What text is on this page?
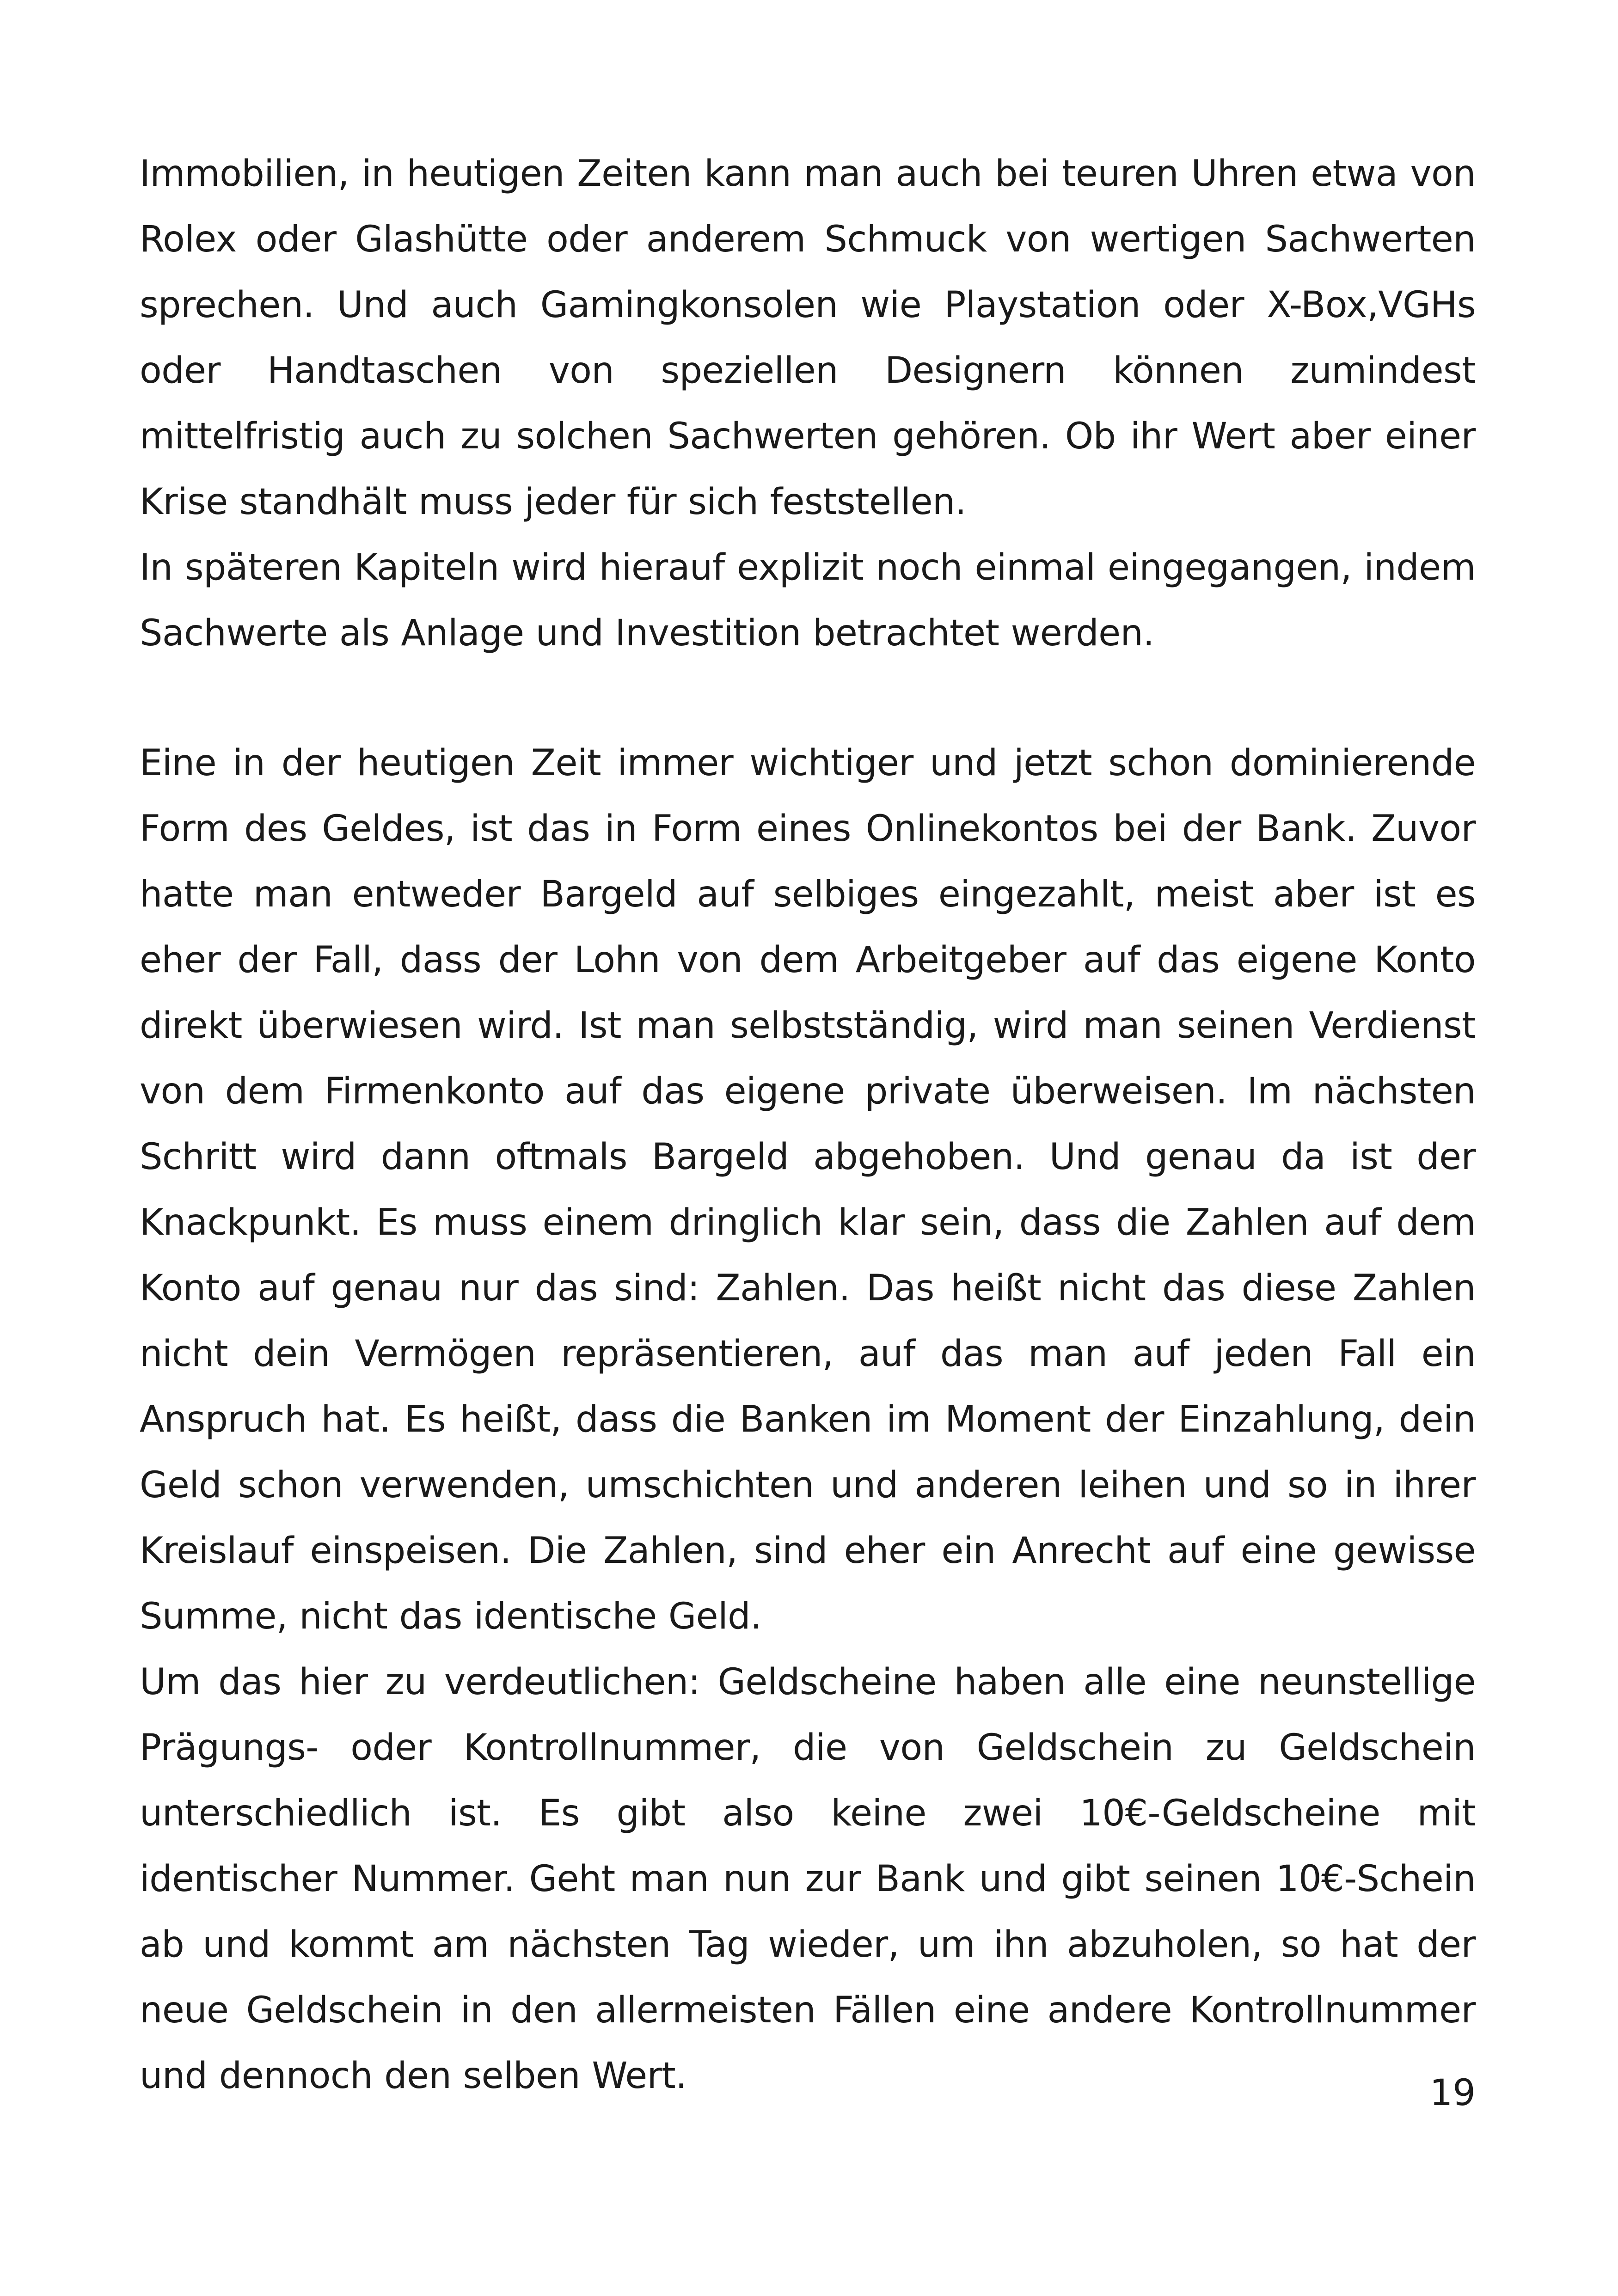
Immobilien, in heutigen Zeiten kann man auch bei teuren Uhren etwa von Rolex oder Glashütte oder anderem Schmuck von wertigen Sachwerten sprechen. Und auch Gamingkonsolen wie Playstation oder X-Box,VGHs oder Handtaschen von speziellen Designern können zumindest mittelfristig auch zu solchen Sachwerten gehören. Ob ihr Wert aber einer Krise standhält muss jeder für sich feststellen.

In späteren Kapiteln wird hierauf explizit noch einmal eingegangen, indem Sachwerte als Anlage und Investition betrachtet werden.

Eine in der heutigen Zeit immer wichtiger und jetzt schon dominierende Form des Geldes, ist das in Form eines Onlinekontos bei der Bank. Zuvor hatte man entweder Bargeld auf selbiges eingezahlt, meist aber ist es eher der Fall, dass der Lohn von dem Arbeitgeber auf das eigene Konto direkt überwiesen wird. Ist man selbstständig, wird man seinen Verdienst von dem Firmenkonto auf das eigene private überweisen. Im nächsten Schritt wird dann oftmals Bargeld abgehoben. Und genau da ist der Knackpunkt. Es muss einem dringlich klar sein, dass die Zahlen auf dem Konto auf genau nur das sind: Zahlen. Das heißt nicht das diese Zahlen nicht dein Vermögen repräsentieren, auf das man auf jeden Fall ein Anspruch hat. Es heißt, dass die Banken im Moment der Einzahlung, dein Geld schon verwenden, umschichten und anderen leihen und so in ihrer Kreislauf einspeisen. Die Zahlen, sind eher ein Anrecht auf eine gewisse Summe, nicht das identische Geld.

Um das hier zu verdeutlichen: Geldscheine haben alle eine neunstellige Prägungs- oder Kontrollnummer, die von Geldschein zu Geldschein unterschiedlich ist. Es gibt also keine zwei 10€-Geldscheine mit identischer Nummer. Geht man nun zur Bank und gibt seinen 10€-Schein ab und kommt am nächsten Tag wieder, um ihn abzuholen, so hat der neue Geldschein in den allermeisten Fällen eine andere Kontrollnummer und dennoch den selben Wert.	19
